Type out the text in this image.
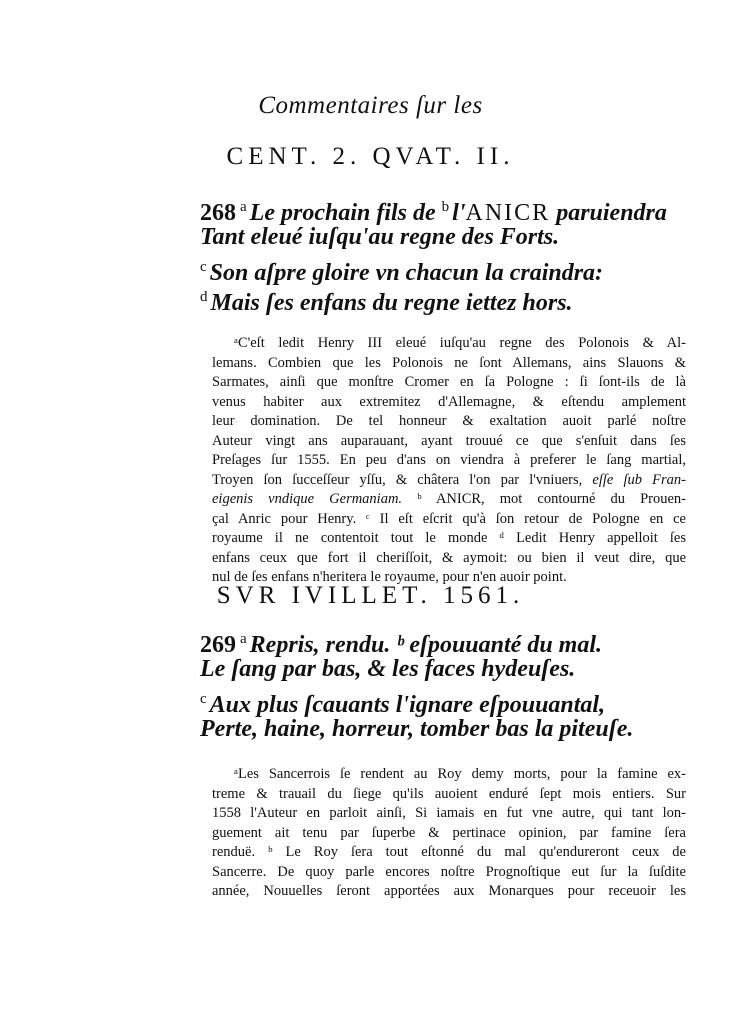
Commentaires ſur les
CENT. 2. QVAT. II.
268 $^a$ Le prochain fils de $^b$ l'ANICR paruiendra
Tant eleué iuſqu'au regne des Forts.
$^c$ Son aſpre gloire vn chacun la craindra:
$^d$ Mais ſes enfans du regne iettez hors.
ᵃC'eſt ledit Henry III eleué iuſqu'au regne des Polonois & Al-
lemans. Combien que les Polonois ne ſont Allemans, ains Slauons &
Sarmates, ainſi que monſtre Cromer en ſa Pologne : ſi ſont-ils de là
venus habiter aux extremitez d'Allemagne, & eſtendu amplement
leur domination. De tel honneur & exaltation auoit parlé noſtre
Auteur vingt ans auparauant, ayant trouué ce que s'enſuit dans ſes
Preſages ſur 1555. En peu d'ans on viendra à preferer le ſang martial,
Troyen ſon ſucceſſeur yſſu, & châtera l'on par l'vniuers, eſſe ſub Fran-
eigenis vndique Germaniam. ᵇ ANICR, mot contourné du Prouen-
çal Anric pour Henry. ᶜ Il eſt eſcrit qu'à ſon retour de Pologne en ce
royaume il ne contentoit tout le monde ᵈ Ledit Henry appelloit ſes
enfans ceux que fort il cheriſſoit, & aymoit: ou bien il veut dire, que
nul de ſes enfans n'heritera le royaume, pour n'en auoir point.
SVR IVILLET. 1561.
269 $^a$ Repris, rendu. ᵇ eſpouuanté du mal.
Le ſang par bas, & les faces hydeuſes.
$^c$ Aux plus ſcauants l'ignare eſpouuantal,
Perte, haine, horreur, tomber bas la piteuſe.
ᵃLes Sancerrois ſe rendent au Roy demy morts, pour la famine ex-
treme & trauail du ſiege qu'ils auoient enduré ſept mois entiers. Sur
1558 l'Auteur en parloit ainſi, Si iamais en fut vne autre, qui tant lon-
guement ait tenu par ſuperbe & pertinace opinion, par famine ſera
renduë. ᵇ Le Roy ſera tout eſtonné du mal qu'endureront ceux de
Sancerre. De quoy parle encores noſtre Prognoſtique eut ſur la ſuſdite
année, Nouuelles ſeront apportées aux Monarques pour receuoir les
